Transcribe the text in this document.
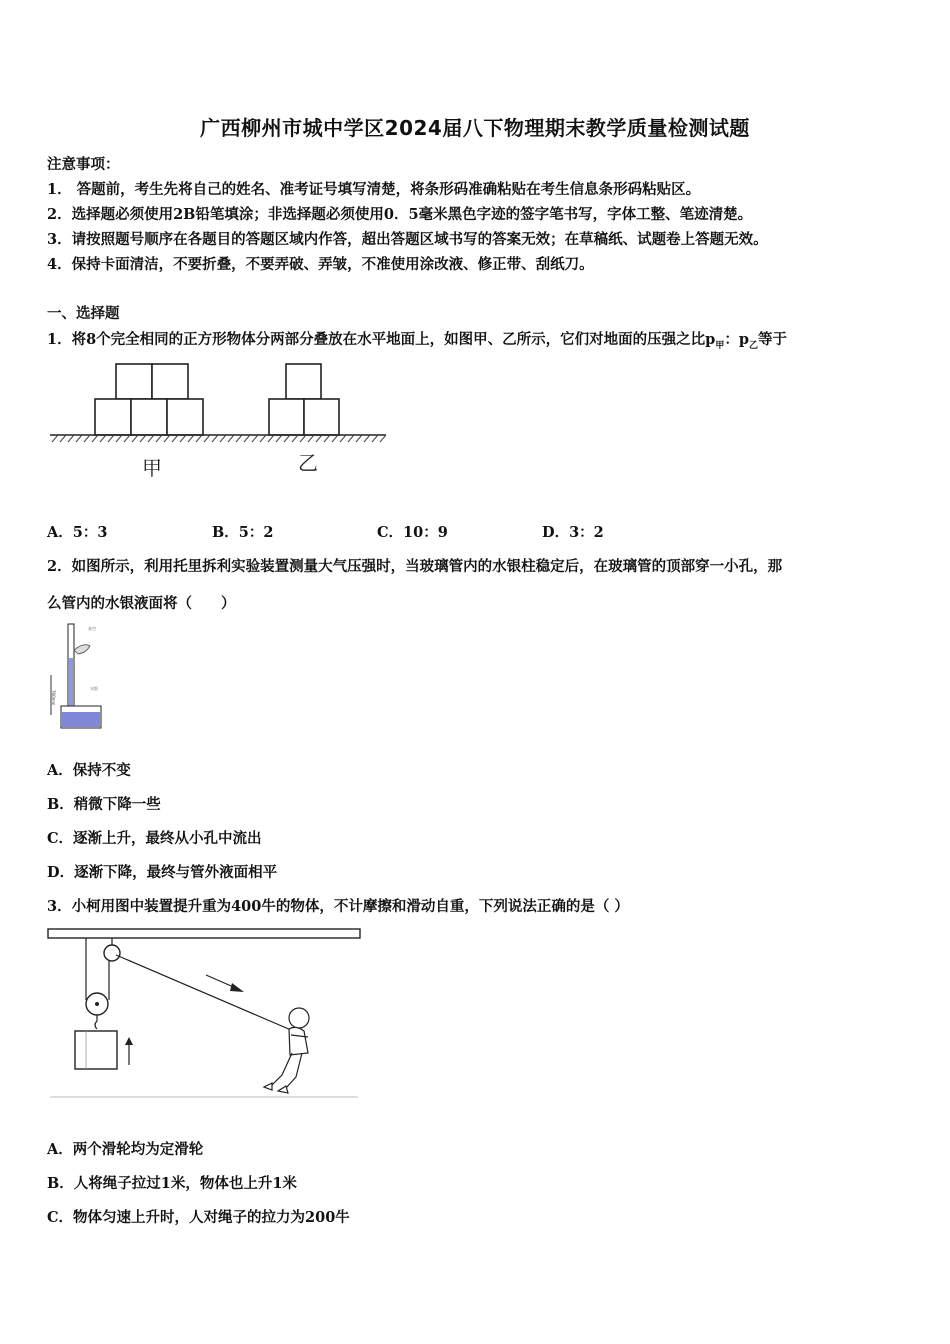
广西柳州市城中学区2024届八下物理期末教学质量检测试题
注意事项：
1． 答题前，考生先将自己的姓名、准考证号填写清楚，将条形码准确粘贴在考生信息条形码粘贴区。
2．选择题必须使用2B铅笔填涂；非选择题必须使用0．5毫米黑色字迹的签字笔书写，字体工整、笔迹清楚。
3．请按照题号顺序在各题目的答题区域内作答，超出答题区域书写的答案无效；在草稿纸、试题卷上答题无效。
4．保持卡面清洁，不要折叠，不要弄破、弄皱，不准使用涂改液、修正带、刮纸刀。
一、选择题
1．将8个完全相同的正方形物体分两部分叠放在水平地面上，如图甲、乙所示，它们对地面的压强之比$p_甲$：$p_乙$等于
甲	乙
A．5：3	B．5：2	C．10：9	D．3：2
2．如图所示，利用托里拆利实验装置测量大气压强时，当玻璃管内的水银柱稳定后，在玻璃管的顶部穿一小孔，那
么管内的水银液面将（　　）
760mm
真空
水银
A．保持不变
B．稍微下降一些
C．逐渐上升，最终从小孔中流出
D．逐渐下降，最终与管外液面相平
3．小柯用图中装置提升重为400牛的物体，不计摩擦和滑动自重，下列说法正确的是（ ）
A．两个滑轮均为定滑轮
B．人将绳子拉过1米，物体也上升1米
C．物体匀速上升时，人对绳子的拉力为200牛
